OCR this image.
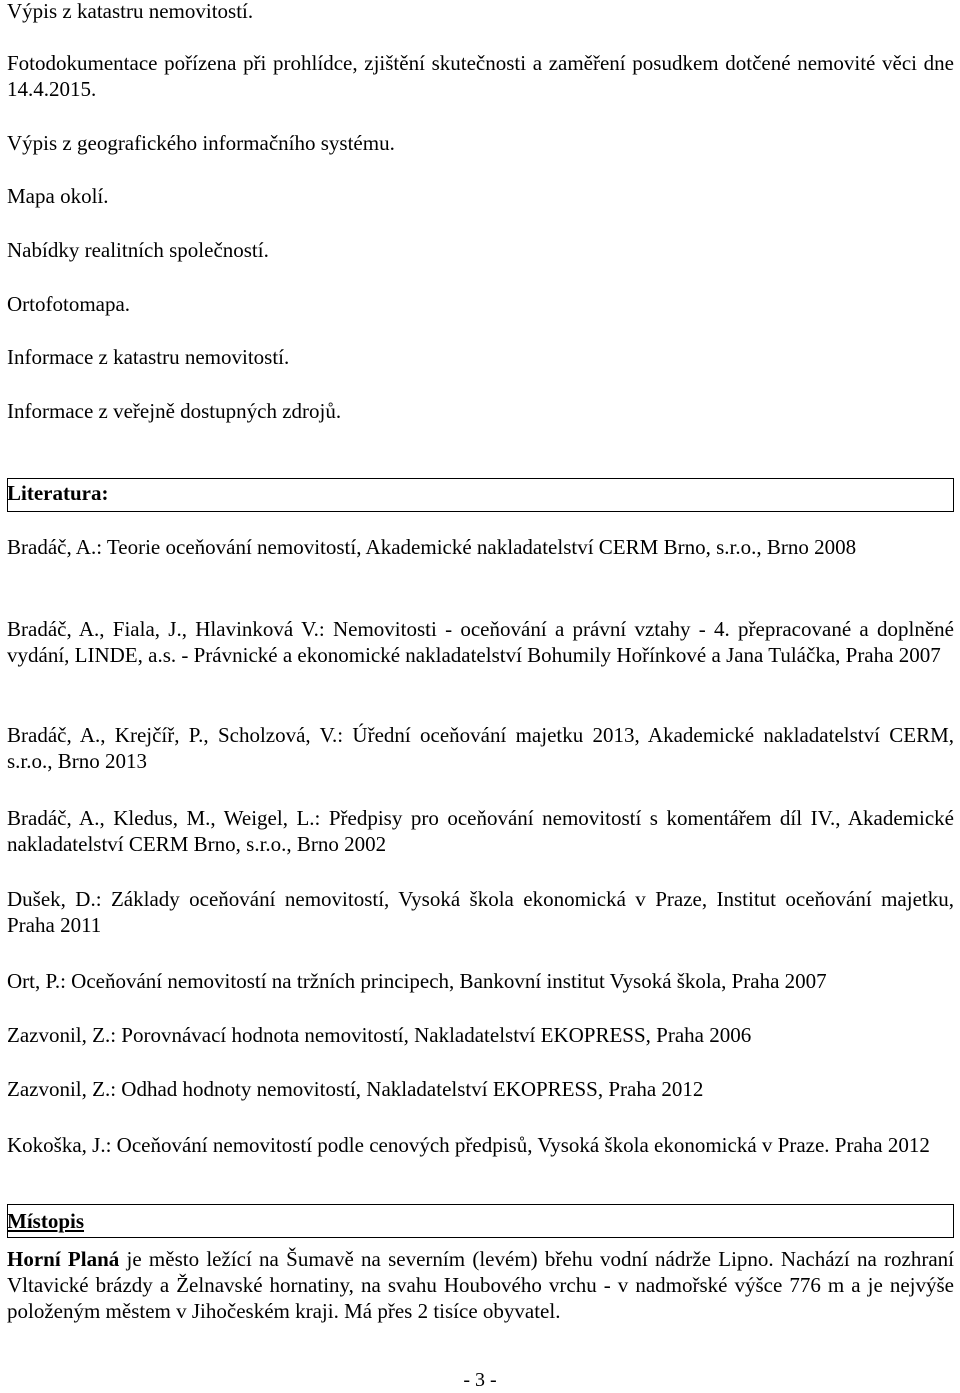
Výpis z katastru nemovitostí.

Fotodokumentace pořízena při prohlídce, zjištění skutečnosti a zaměření posudkem dotčené nemovité věci dne 14.4.2015.

Výpis z geografického informačního systému.

Mapa okolí.

Nabídky realitních společností.

Ortofotomapa.

Informace z katastru nemovitostí.

Informace z veřejně dostupných zdrojů.

Literatura:

Bradáč, A.: Teorie oceňování nemovitostí, Akademické nakladatelství CERM Brno, s.r.o., Brno 2008

Bradáč, A., Fiala, J., Hlavinková V.: Nemovitosti - oceňování a právní vztahy - 4. přepracované a doplněné vydání, LINDE, a.s. - Právnické a ekonomické nakladatelství Bohumily Hořínkové a Jana Tuláčka, Praha 2007

Bradáč, A., Krejčíř, P., Scholzová, V.: Úřední oceňování majetku 2013, Akademické nakladatelství CERM, s.r.o., Brno 2013

Bradáč, A., Kledus, M., Weigel, L.: Předpisy pro oceňování nemovitostí s komentářem díl IV., Akademické nakladatelství CERM Brno, s.r.o., Brno 2002

Dušek, D.: Základy oceňování nemovitostí, Vysoká škola ekonomická v Praze, Institut oceňování majetku, Praha 2011

Ort, P.: Oceňování nemovitostí na tržních principech, Bankovní institut Vysoká škola, Praha 2007

Zazvonil, Z.: Porovnávací hodnota nemovitostí, Nakladatelství EKOPRESS, Praha 2006

Zazvonil, Z.: Odhad hodnoty nemovitostí, Nakladatelství EKOPRESS, Praha 2012

Kokoška, J.: Oceňování nemovitostí podle cenových předpisů, Vysoká škola ekonomická v Praze. Praha 2012

Místopis

Horní Planá je město ležící na Šumavě na severním (levém) břehu vodní nádrže Lipno. Nachází na rozhraní Vltavické brázdy a Želnavské hornatiny, na svahu Houbového vrchu - v nadmořské výšce 776 m a je nejvýše položeným městem v Jihočeském kraji. Má přes 2 tisíce obyvatel.

- 3 -
